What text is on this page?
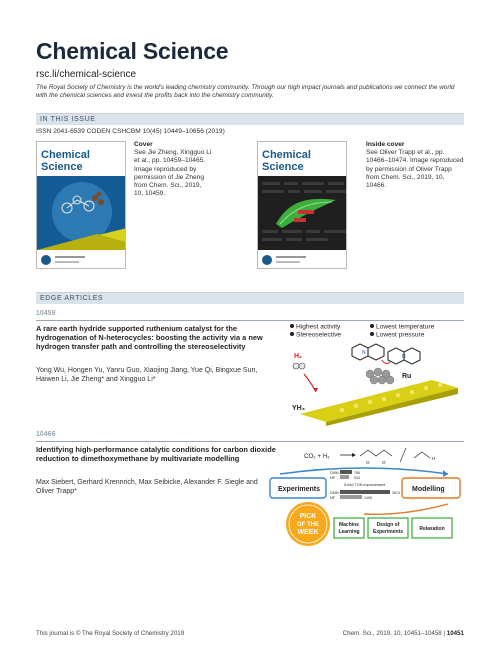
Chemical Science
rsc.li/chemical-science
The Royal Society of Chemistry is the world's leading chemistry community. Through our high impact journals and publications we connect the world with the chemical sciences and invest the profits back into the chemistry community.
IN THIS ISSUE
ISSN 2041-6539 CODEN CSHCBM 10(45) 10449–10656 (2019)
Chemical
Science
Cover
See Jie Zheng, Xingguo Li et al., pp. 10459–10465. Image reproduced by permission of Jie Zheng from Chem. Sci., 2019, 10, 10459.
Chemical
Science
Inside cover
See Oliver Trapp et al., pp. 10466–10474. Image reproduced by permission of Oliver Trapp from Chem. Sci., 2019, 10, 10466.
EDGE ARTICLES
10459
A rare earth hydride supported ruthenium catalyst for the hydrogenation of N-heterocycles: boosting the activity via a new hydrogen transfer path and controlling the stereoselectivity
Yong Wu, Hongen Yu, Yanru Guo, Xiaojing Jiang, Yue Qi, Bingxue Sun, Haiwen Li, Jie Zheng* and Xingguo Li*
Highest activity
Stereoselective
Lowest temperature
Lowest pressure
H₂	N
N
Ru
YH₃
10466
Identifying high-performance catalytic conditions for carbon dioxide reduction to dimethoxymethane by multivariate modelling
Max Siebert, Gerhard Krennrich, Max Seibicke, Alexander F. Siegle and Oliver Trapp*
CO₂ + H₂
O	O
H
Experiments	Modelling
DMM	786
MF	533
5-fold TON improvement
DMM	3674
MF	1465
PICK
OF THE
WEEK
Machine
Learning
Design of
Experiments	Relaxation
This journal is © The Royal Society of Chemistry 2019	Chem. Sci., 2019, 10, 10451–10458 | 10451
